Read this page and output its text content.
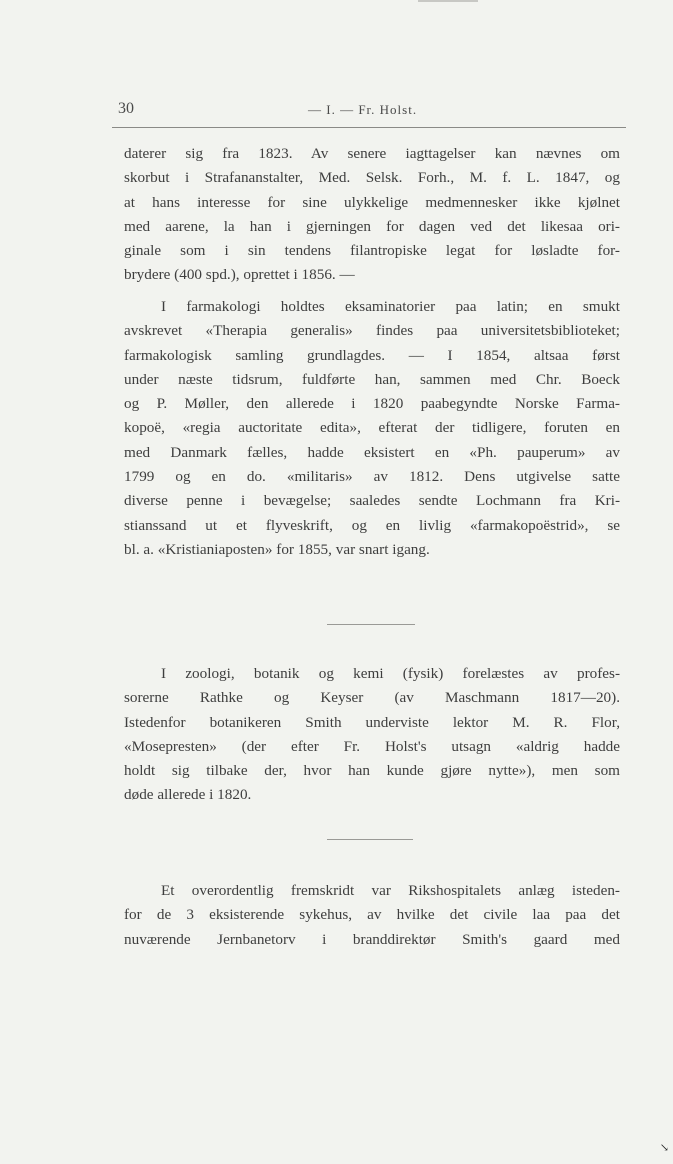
30	— I. — Fr. Holst.
daterer sig fra 1823. Av senere iagttagelser kan nævnes om
skorbut i Strafananstalter, Med. Selsk. Forh., M. f. L. 1847, og
at hans interesse for sine ulykkelige medmennesker ikke kjølnet
med aarene, la han i gjerningen for dagen ved det likesaa ori-
ginale som i sin tendens filantropiske legat for løsladte for-
brydere (400 spd.), oprettet i 1856. —
I farmakologi holdtes eksaminatorier paa latin; en smukt
avskrevet «Therapia generalis» findes paa universitetsbiblioteket;
farmakologisk samling grundlagdes. — I 1854, altsaa først
under næste tidsrum, fuldførte han, sammen med Chr. Boeck
og P. Møller, den allerede i 1820 paabegyndte Norske Farma-
kopoë, «regia auctoritate edita», efterat der tidligere, foruten en
med Danmark fælles, hadde eksistert en «Ph. pauperum» av
1799 og en do. «militaris» av 1812. Dens utgivelse satte
diverse penne i bevægelse; saaledes sendte Lochmann fra Kri-
stianssand ut et flyveskrift, og en livlig «farmakopoëstrid», se
bl. a. «Kristianiaposten» for 1855, var snart igang.
I zoologi, botanik og kemi (fysik) forelæstes av profes-
sorerne Rathke og Keyser (av Maschmann 1817—20).
Istedenfor botanikeren Smith underviste lektor M. R. Flor,
«Mosepresten» (der efter Fr. Holst's utsagn «aldrig hadde
holdt sig tilbake der, hvor han kunde gjøre nytte»), men som
døde allerede i 1820.
Et overordentlig fremskridt var Rikshospitalets anlæg isteden-
for de 3 eksisterende sykehus, av hvilke det civile laa paa det
nuværende Jernbanetorv i branddirektør Smith's gaard med
↘
